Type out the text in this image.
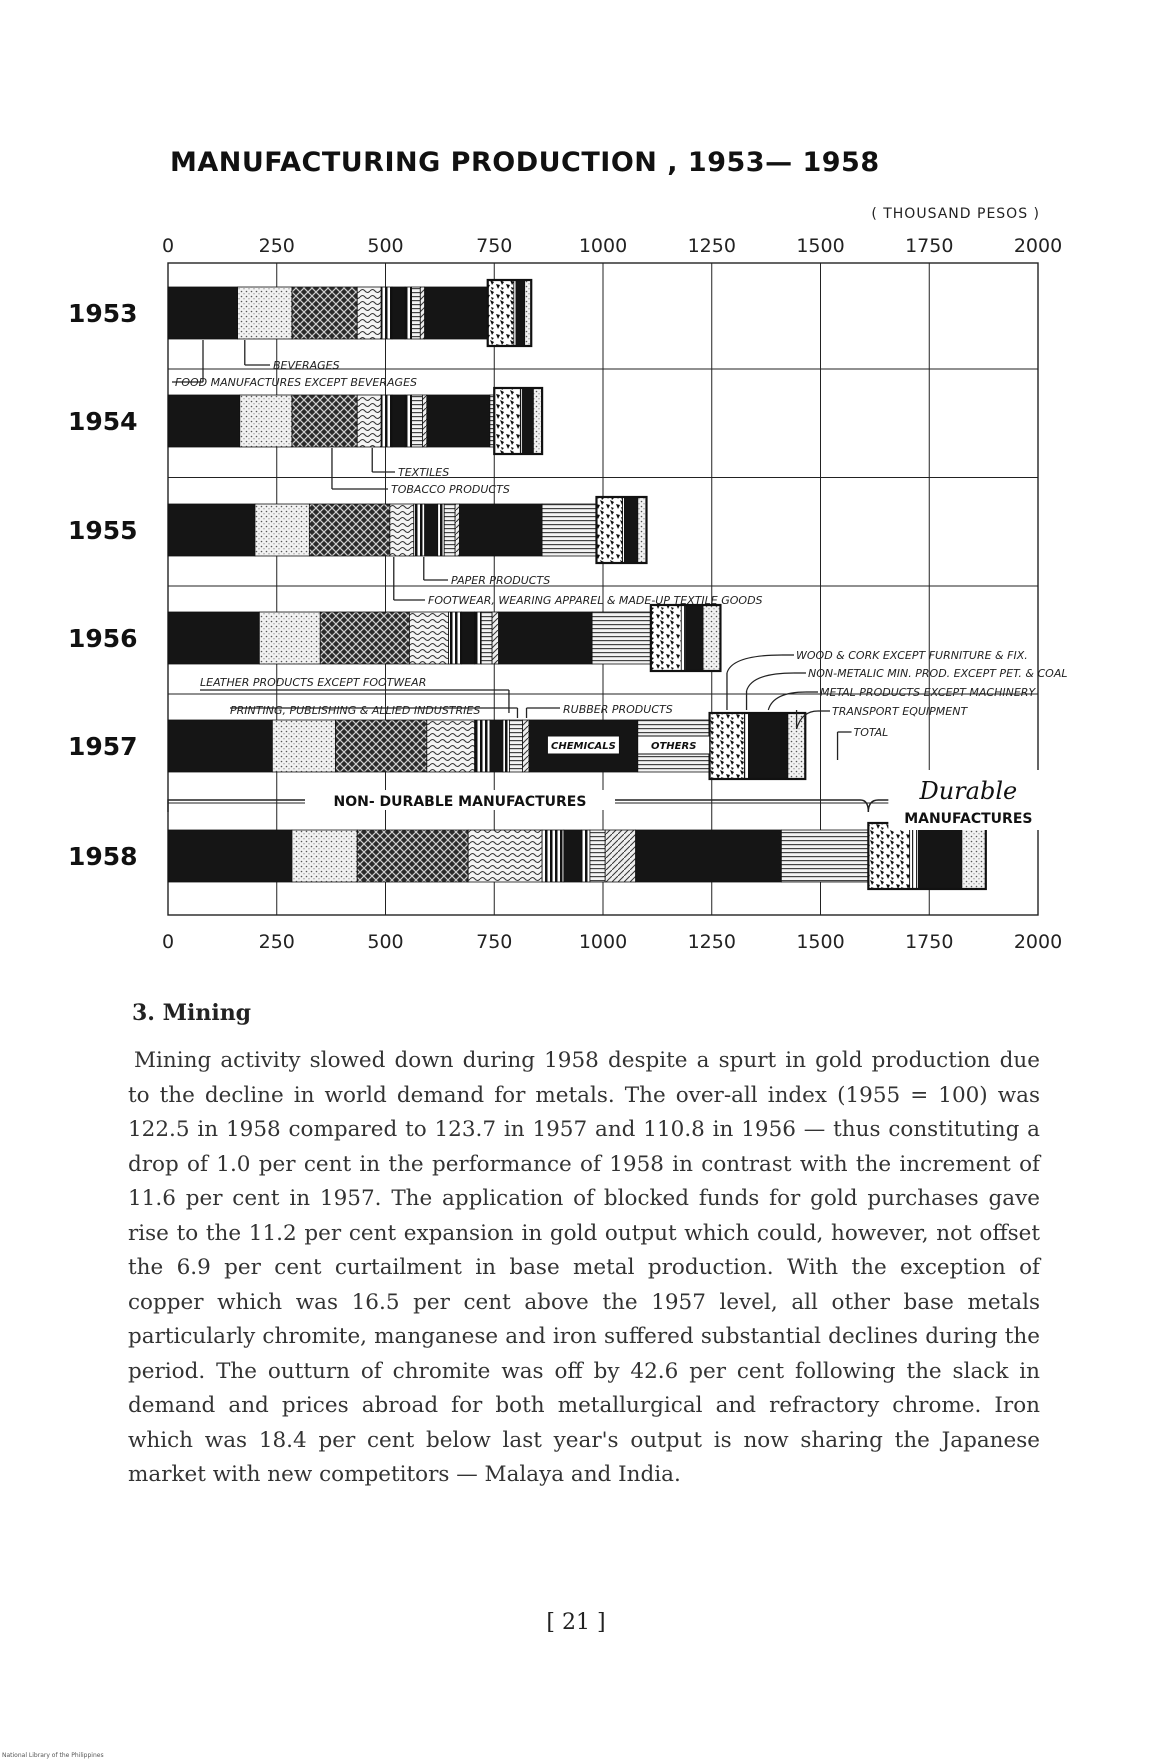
MANUFACTURING PRODUCTION , 1953— 1958
( THOUSAND PESOS )
0
0
250
250
500
500
750
750
1000
1000
1250
1250
1500
1500
1750
1750
2000
2000
1953
1954
1955
1956
1957
1958
CHEMICALS	OTHERS
BEVERAGES
FOOD MANUFACTURES EXCEPT BEVERAGES
TEXTILES
TOBACCO PRODUCTS
PAPER PRODUCTS
FOOTWEAR, WEARING APPAREL & MADE-UP TEXTILE GOODS
LEATHER PRODUCTS EXCEPT FOOTWEAR
PRINTING, PUBLISHING & ALLIED INDUSTRIES	RUBBER PRODUCTS
WOOD & CORK EXCEPT FURNITURE & FIX.
NON-METALIC MIN. PROD. EXCEPT PET. & COAL
METAL PRODUCTS EXCEPT MACHINERY
TRANSPORT EQUIPMENT
TOTAL
NON- DURABLE MANUFACTURES	Durable
MANUFACTURES
3. Mining

Mining activity slowed down during 1958 despite a spurt in gold production due to the decline in world demand for metals. The over-all index (1955 = 100) was 122.5 in 1958 compared to 123.7 in 1957 and 110.8 in 1956 — thus constituting a drop of 1.0 per cent in the performance of 1958 in contrast with the increment of 11.6 per cent in 1957. The application of blocked funds for gold purchases gave rise to the 11.2 per cent expansion in gold output which could, however, not offset the 6.9 per cent curtailment in base metal production. With the exception of copper which was 16.5 per cent above the 1957 level, all other base metals particularly chromite, manganese and iron suffered substantial declines during the period. The outturn of chromite was off by 42.6 per cent following the slack in demand and prices abroad for both metallurgical and refractory chrome. Iron which was 18.4 per cent below last year's output is now sharing the Japanese market with new competitors — Malaya and India.

[ 21 ]
National Library of the Philippines
